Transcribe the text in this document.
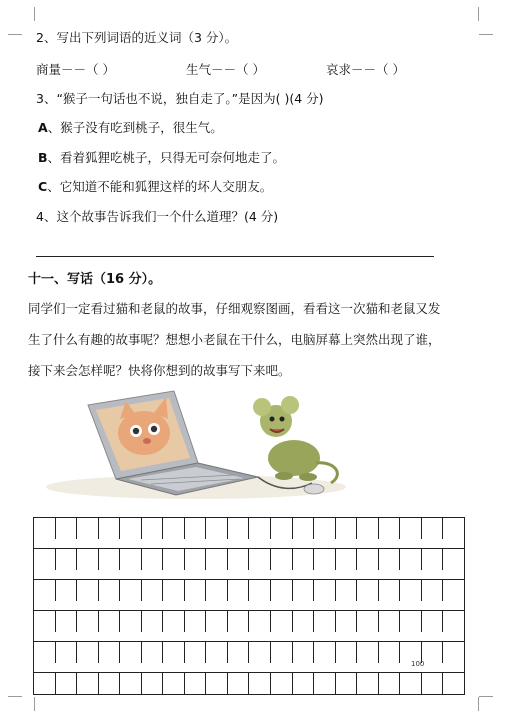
2、写出下列词语的近义词（3 分）。
商量－－（ ）	生气－－（ ）	哀求－－（ ）
3、“猴子一句话也不说，独自走了。”是因为( )(4 分)
A、猴子没有吃到桃子，很生气。
B、看着狐狸吃桃子，只得无可奈何地走了。
C、它知道不能和狐狸这样的坏人交朋友。
4、这个故事告诉我们一个什么道理？(4 分)
十一、写话（16 分）。
同学们一定看过猫和老鼠的故事，仔细观察图画，看看这一次猫和老鼠又发
生了什么有趣的故事呢？想想小老鼠在干什么，电脑屏幕上突然出现了谁，
接下来会怎样呢？快将你想到的故事写下来吧。
100
